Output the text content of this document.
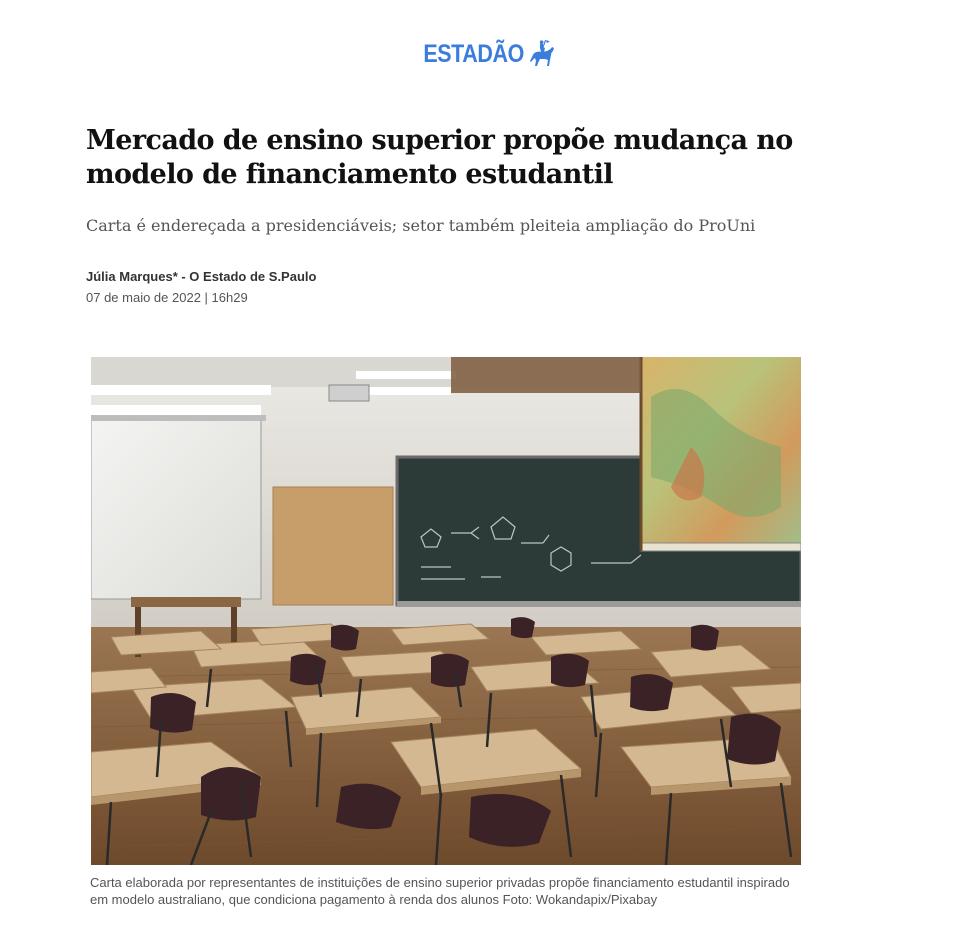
ESTADÃO
Mercado de ensino superior propõe mudança no modelo de financiamento estudantil

Carta é endereçada a presidenciáveis; setor também pleiteia ampliação do ProUni

Júlia Marques* - O Estado de S.Paulo
07 de maio de 2022 | 16h29

Carta elaborada por representantes de instituições de ensino superior privadas propõe financiamento estudantil inspirado em modelo australiano, que condiciona pagamento à renda dos alunos Foto: Wokandapix/Pixabay
